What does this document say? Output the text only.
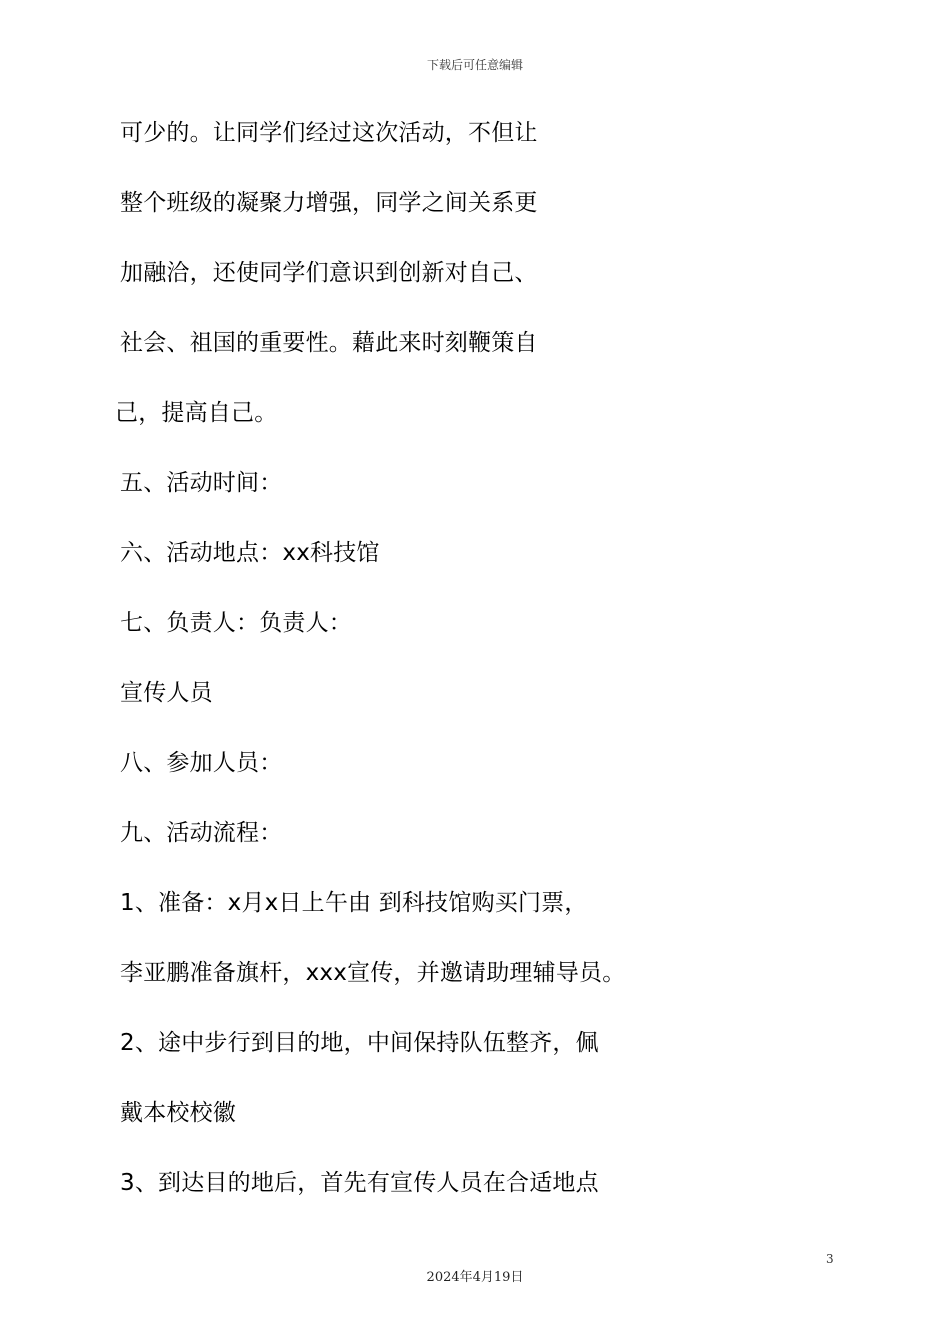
下载后可任意编辑
可少的。让同学们经过这次活动，不但让
整个班级的凝聚力增强，同学之间关系更
加融洽，还使同学们意识到创新对自己、
社会、祖国的重要性。藉此来时刻鞭策自
己，提高自己。
五、活动时间：
六、活动地点：xx科技馆
七、负责人：负责人：
宣传人员
八、参加人员：
九、活动流程：
1、准备：x月x日上午由 到科技馆购买门票，
李亚鹏准备旗杆，xxx宣传，并邀请助理辅导员。
2、途中步行到目的地，中间保持队伍整齐，佩
戴本校校徽
3、到达目的地后，首先有宣传人员在合适地点
3
2024年4月19日
